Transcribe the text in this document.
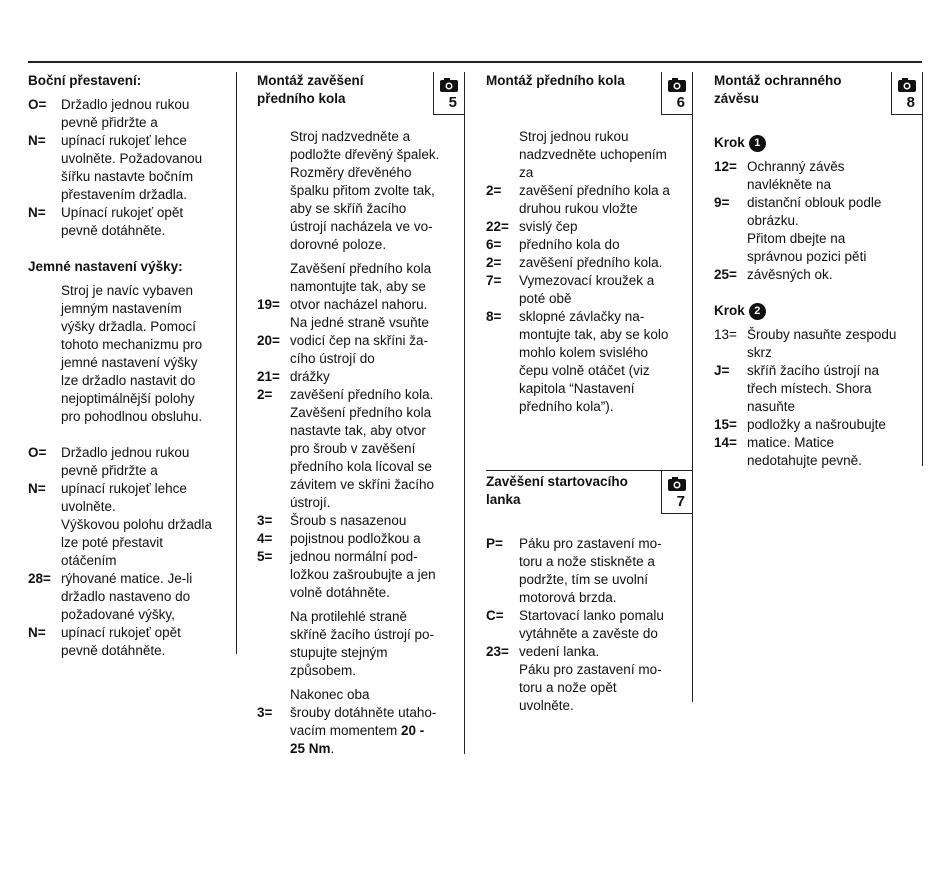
Boční přestavení:
O=	Držadlo jednou rukou
pevně přidržte a
N=	upínací rukojeť lehce
uvolněte. Požadovanou
šířku nastavte bočním
přestavením držadla.
N=	Upínací rukojeť opět
pevně dotáhněte.
Jemné nastavení výšky:
Stroj je navíc vybaven
jemným nastavením
výšky držadla. Pomocí
tohoto mechanizmu pro
jemné nastavení výšky
lze držadlo nastavit do
nejoptimálnější polohy
pro pohodlnou obsluhu.
O=	Držadlo jednou rukou
pevně přidržte a
N=	upínací rukojeť lehce
uvolněte.
Výškovou polohu držadla
lze poté přestavit
otáčením
28= rýhované matice. Je-li
držadlo nastaveno do
požadované výšky,
N=	upínací rukojeť opět
pevně dotáhněte.
Montáž zavěšení
předního kola	5
Stroj nadzvedněte a
podložte dřevěný špalek.
Rozměry dřevěného
špalku přitom zvolte tak,
aby se skříň žacího
ústrojí nacházela ve vo-
dorovné poloze.
Zavěšení předního kola
namontujte tak, aby se
19= otvor nacházel nahoru.
Na jedné straně vsuňte
20= vodicí čep na skříni ža-
cího ústrojí do
21= drážky
2=	zavěšení předního kola.
Zavěšení předního kola
nastavte tak, aby otvor
pro šroub v zavěšení
předního kola lícoval se
závitem ve skříni žacího
ústrojí.
3=	Šroub s nasazenou
4=	pojistnou podložkou a
5=	jednou normální pod-
ložkou zašroubujte a jen
volně dotáhněte.
Na protilehlé straně
skříně žacího ústrojí po-
stupujte stejným
způsobem.
Nakonec oba
3=	šrouby dotáhněte utaho-
vacím momentem 20 -
25 Nm.
Montáž předního kola
6
Stroj jednou rukou
nadzvedněte uchopením
za
2=	zavěšení předního kola a
druhou rukou vložte
22= svislý čep
6=	předního kola do
2=	zavěšení předního kola.
7=	Vymezovací kroužek a
poté obě
8=	sklopné závlačky na-
montujte tak, aby se kolo
mohlo kolem svislého
čepu volně otáčet (viz
kapitola “Nastavení
předního kola”).
Zavěšení startovacího
lanka	7
P=	Páku pro zastavení mo-
toru a nože stiskněte a
podržte, tím se uvolní
motorová brzda.
C=	Startovací lanko pomalu
vytáhněte a zavěste do
23= vedení lanka.
Páku pro zastavení mo-
toru a nože opět
uvolněte.
Montáž ochranného
závěsu	8
Krok 1
12= Ochranný závěs
navlékněte na
9=	distanční oblouk podle
obrázku.
Přitom dbejte na
správnou pozici pěti
25= závěsných ok.
Krok 2
13= Šrouby nasuňte zespodu
skrz
J=	skříň žacího ústrojí na
třech místech. Shora
nasuňte
15= podložky a našroubujte
14= matice. Matice
nedotahujte pevně.
